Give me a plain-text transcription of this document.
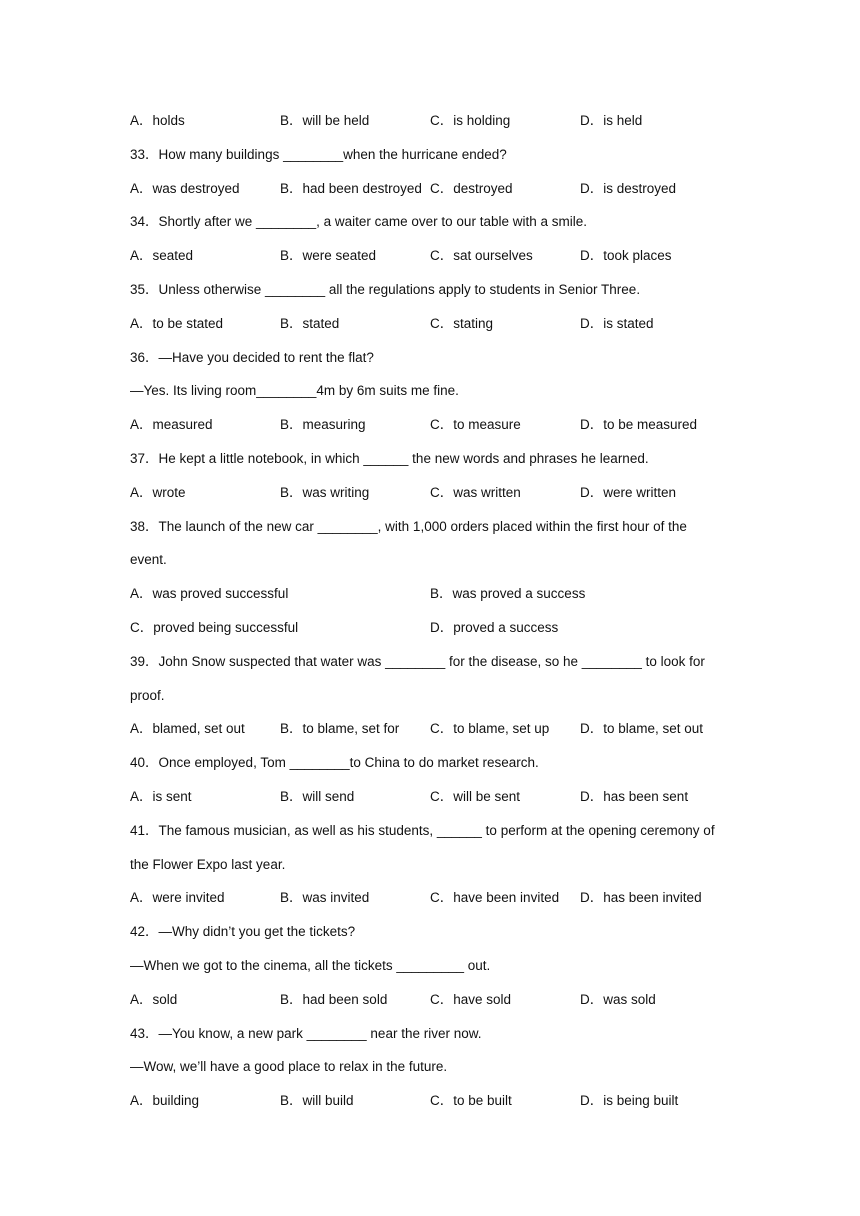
A．holds	B．will be held	C．is holding	D．is held
33．How many buildings ________when the hurricane ended?
A．was destroyed	B．had been destroyed C．destroyed	D．is destroyed
34．Shortly after we ________, a waiter came over to our table with a smile.
A．seated	B．were seated	C．sat ourselves	D．took places
35．Unless otherwise ________ all the regulations apply to students in Senior Three.
A．to be stated	B．stated	C．stating	D．is stated
36．—Have you decided to rent the flat?
—Yes. Its living room________4m by 6m suits me fine.
A．measured	B．measuring	C．to measure	D．to be measured
37．He kept a little notebook, in which ______ the new words and phrases he learned.
A．wrote	B．was writing	C．was written	D．were written
38．The launch of the new car ________, with 1,000 orders placed within the first hour of the
event.
A．was proved successful	B．was proved a success
C．proved being successful	D．proved a success
39．John Snow suspected that water was ________ for the disease, so he ________ to look for
proof.
A．blamed, set out	B．to blame, set for	C．to blame, set up	D．to blame, set out
40．Once employed, Tom ________to China to do market research.
A．is sent	B．will send	C．will be sent	D．has been sent
41．The famous musician, as well as his students, ______ to perform at the opening ceremony of
the Flower Expo last year.
A．were invited	B．was invited	C．have been invited	D．has been invited
42．—Why didn’t you get the tickets?
—When we got to the cinema, all the tickets _________ out.
A．sold	B．had been sold	C．have sold	D．was sold
43．—You know, a new park ________ near the river now.
—Wow, we’ll have a good place to relax in the future.
A．building	B．will build	C．to be built	D．is being built
